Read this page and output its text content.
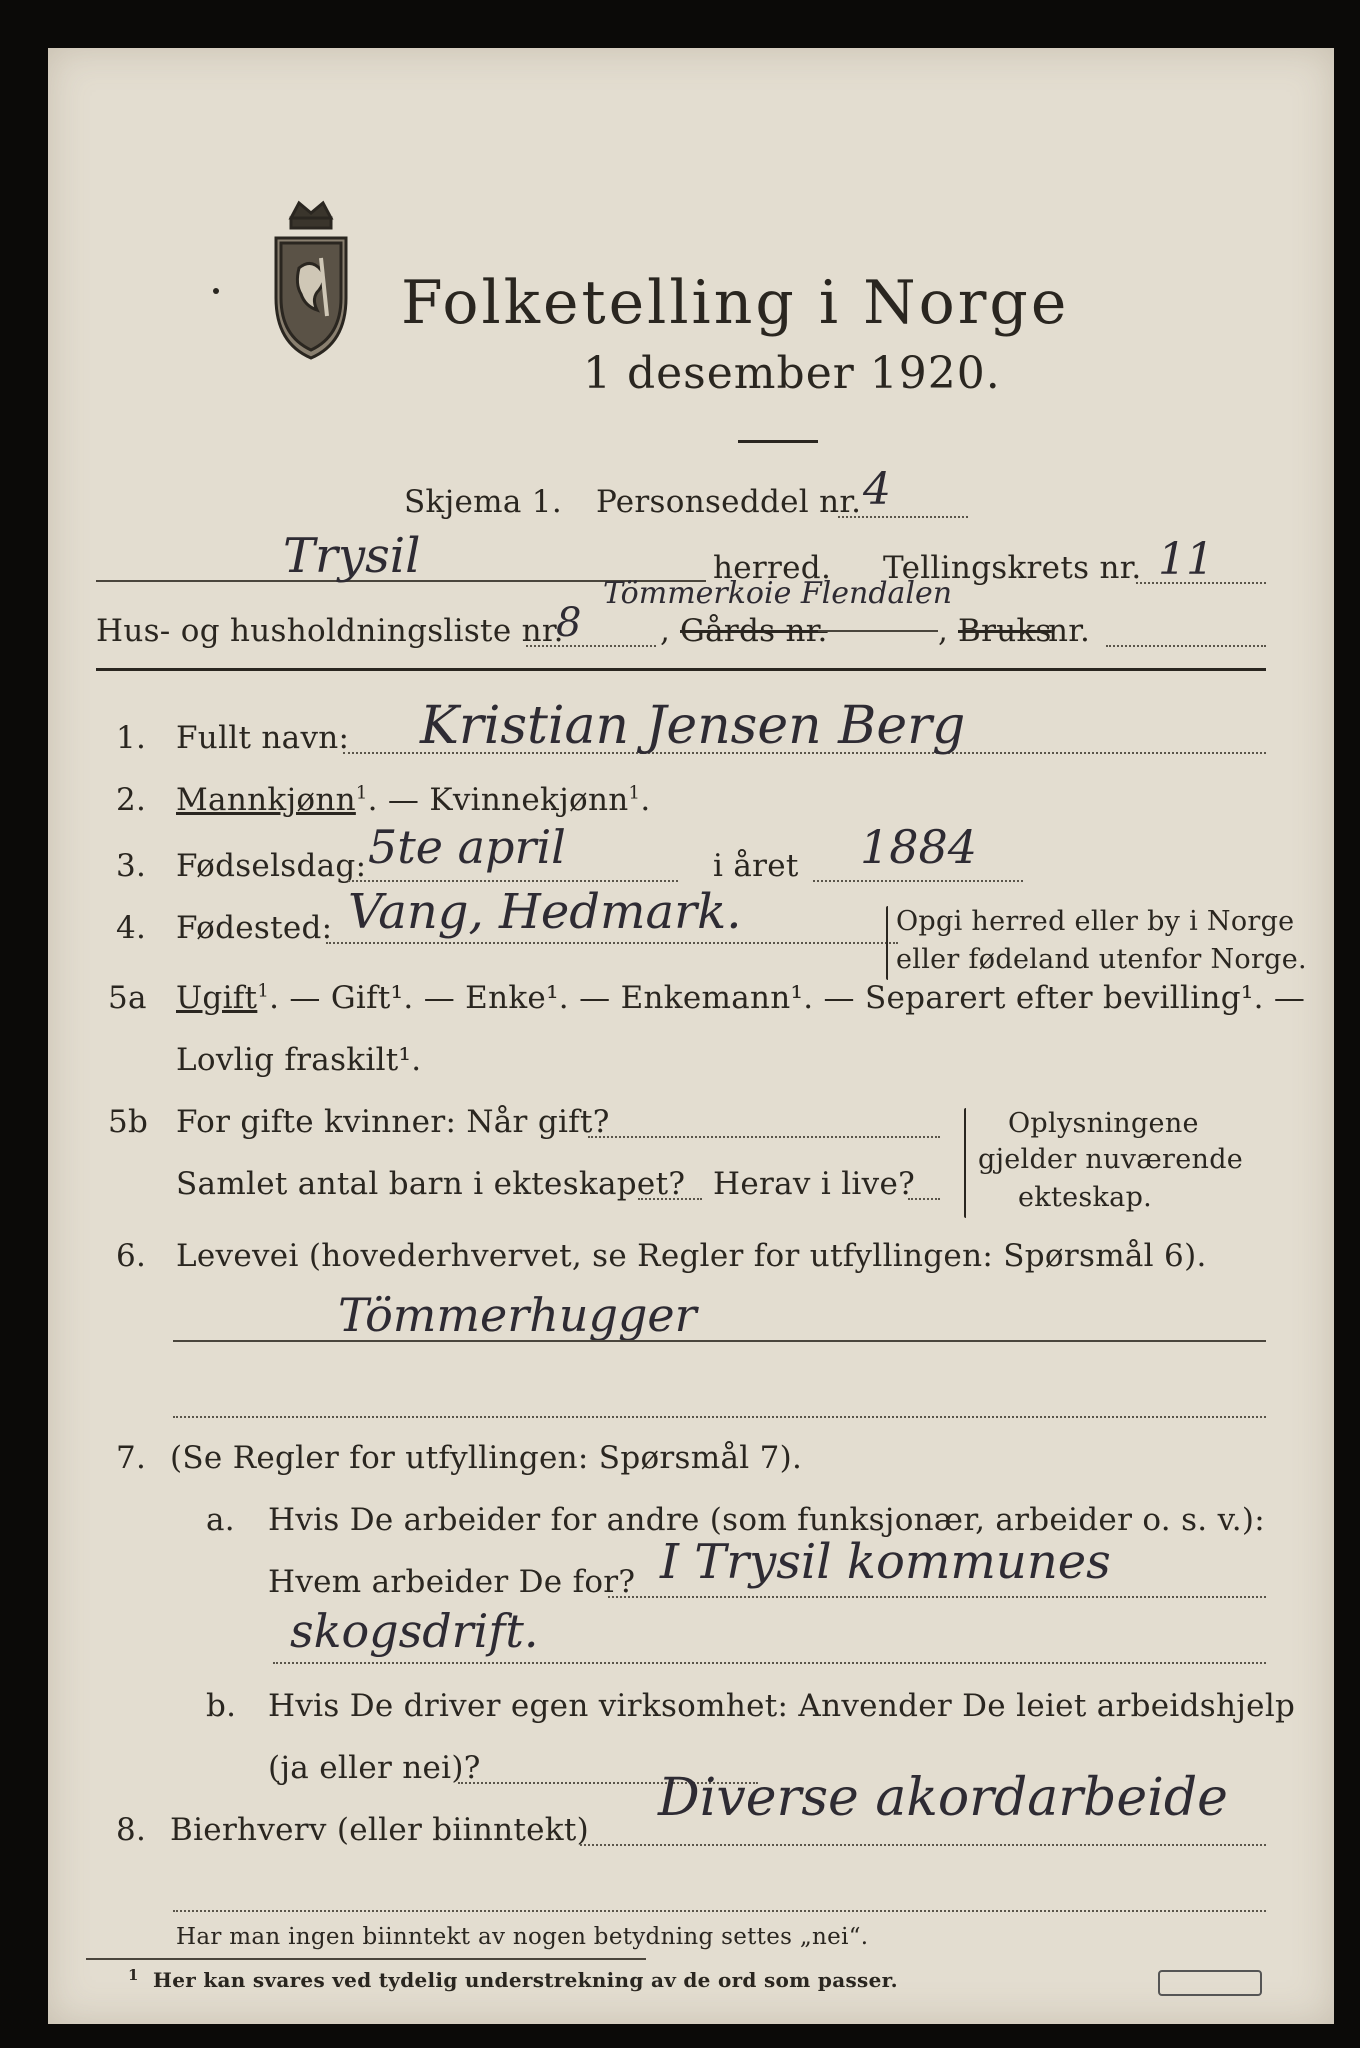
Folketelling i Norge
1 desember 1920.
Skjema 1. Personseddel nr. 4
Trysil	herred. Tellingskrets nr. 11
Hus- og husholdningsliste nr.
8
Tömmerkoie Flendalen
, Gårds nr.	, Bruks
nr.
1. Fullt navn: Kristian Jensen Berg
2. Mannkjønn$^1$. — Kvinnekjønn$^1$.
3. Fødselsdag: 5te april	i året 1884
4. Fødested: Vang, Hedmark.	Opgi herred eller by i Norge
eller fødeland utenfor Norge.
5a Ugift$^1$. — Gift¹. — Enke¹. — Enkemann¹. — Separert efter bevilling¹. —
Lovlig fraskilt¹.
5b For gifte kvinner: Når gift?
Samlet antal barn i ekteskapet? Herav i live?
Oplysningene
gjelder nuværende
ekteskap.
6. Levevei (hovederhvervet, se Regler for utfyllingen: Spørsmål 6).
Tömmerhugger
7. (Se Regler for utfyllingen: Spørsmål 7).
a. Hvis De arbeider for andre (som funksjonær, arbeider o. s. v.):
Hvem arbeider De for? I Trysil kommunes
skogsdrift.
b. Hvis De driver egen virksomhet: Anvender De leiet arbeidshjelp
(ja eller nei)?
8. Bierhverv (eller biinntekt)
Diverse akordarbeide
Har man ingen biinntekt av nogen betydning settes „nei“.
1 Her kan svares ved tydelig understrekning av de ord som passer.
